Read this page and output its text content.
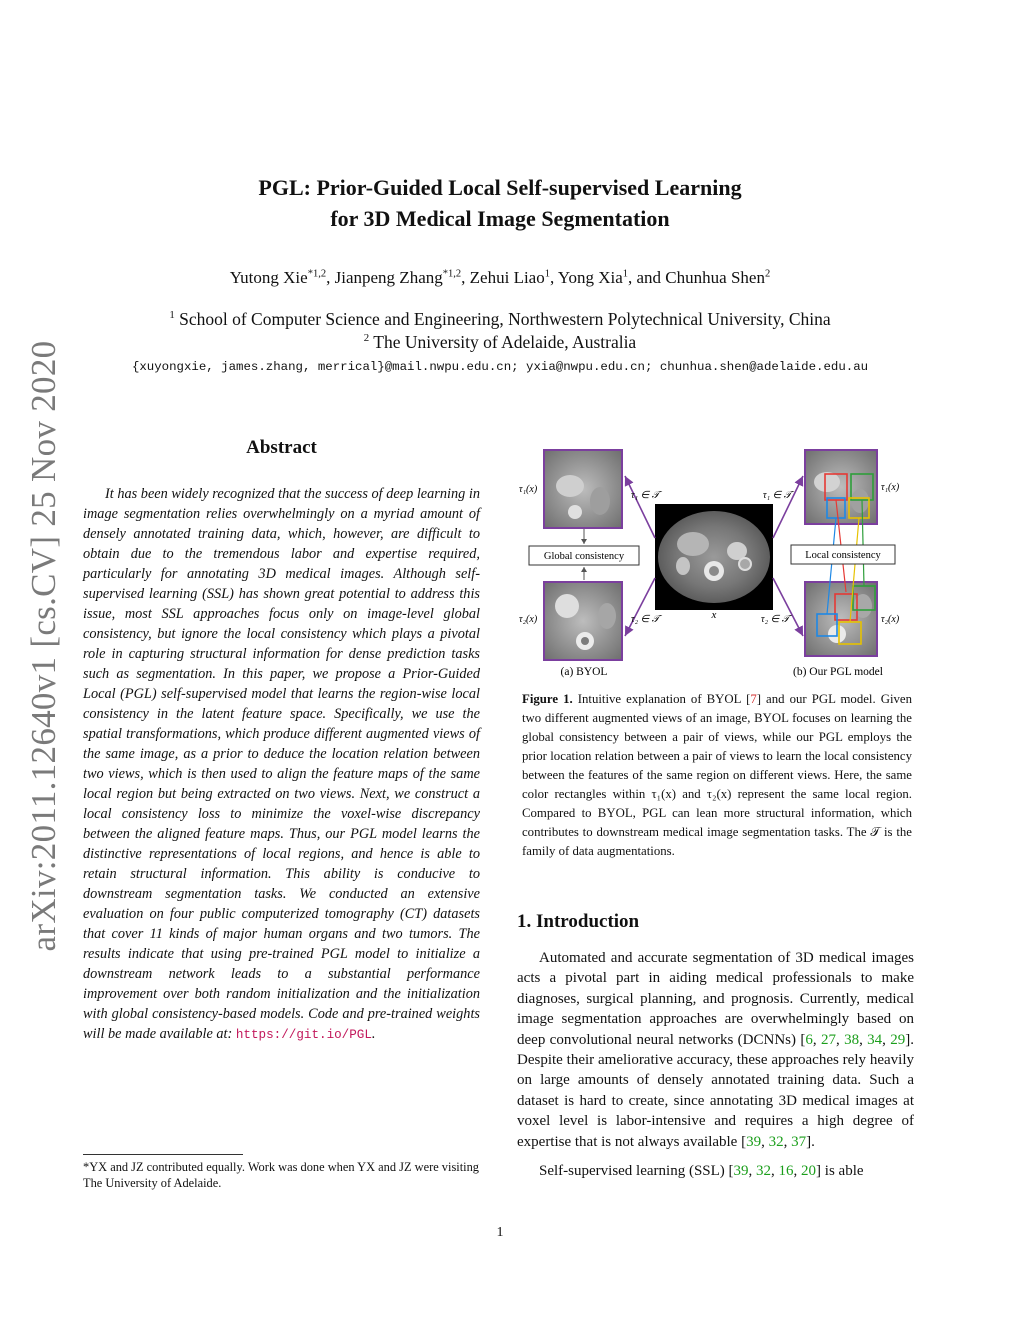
arXiv:2011.12640v1 [cs.CV] 25 Nov 2020
PGL: Prior-Guided Local Self-supervised Learning
for 3D Medical Image Segmentation
Yutong Xie$^{*1,2}$, Jianpeng Zhang$^{*1,2}$, Zehui Liao$^1$, Yong Xia$^1$, and Chunhua Shen$^2$
$^1$ School of Computer Science and Engineering, Northwestern Polytechnical University, China
$^2$ The University of Adelaide, Australia
{xuyongxie, james.zhang, merrical}@mail.nwpu.edu.cn; yxia@nwpu.edu.cn; chunhua.shen@adelaide.edu.au
Abstract
It has been widely recognized that the success of deep learning in image segmentation relies overwhelmingly on a myriad amount of densely annotated training data, which, however, are difficult to obtain due to the tremendous labor and expertise required, particularly for annotating 3D medical images. Although self-supervised learning (SSL) has shown great potential to address this issue, most SSL approaches focus only on image-level global consistency, but ignore the local consistency which plays a pivotal role in capturing structural information for dense prediction tasks such as segmentation. In this paper, we propose a Prior-Guided Local (PGL) self-supervised model that learns the region-wise local consistency in the latent feature space. Specifically, we use the spatial transformations, which produce different augmented views of the same image, as a prior to deduce the location relation between two views, which is then used to align the feature maps of the same local region but being extracted on two views. Next, we construct a local consistency loss to minimize the voxel-wise discrepancy between the aligned feature maps. Thus, our PGL model learns the distinctive representations of local regions, and hence is able to retain structural information. This ability is conducive to downstream segmentation tasks. We conducted an extensive evaluation on four public computerized tomography (CT) datasets that cover 11 kinds of major human organs and two tumors. The results indicate that using pre-trained PGL model to initialize a downstream network leads to a substantial performance improvement over both random initialization and the initialization with global consistency-based models. Code and pre-trained weights will be made available at: https://git.io/PGL.
*YX and JZ contributed equally. Work was done when YX and JZ were visiting The University of Adelaide.
x
τ₁(x)
τ₂(x)
Global consistency
τ₁ ∈ 𝒯
τ₂ ∈ 𝒯
τ₁(x)
τ₂(x)
Local consistency
τ₁ ∈ 𝒯
τ₂ ∈ 𝒯
(a) BYOL	(b) Our PGL model
Figure 1. Intuitive explanation of BYOL [7] and our PGL model. Given two different augmented views of an image, BYOL focuses on learning the global consistency between a pair of views, while our PGL employs the prior location relation between a pair of views to learn the local consistency between the features of the same region on different views. Here, the same color rectangles within τ₁(x) and τ₂(x) represent the same local region. Compared to BYOL, PGL can lean more structural information, which contributes to downstream medical image segmentation tasks. The 𝒯 is the family of data augmentations.
1. Introduction

Automated and accurate segmentation of 3D medical images acts a pivotal part in aiding medical professionals to make diagnoses, surgical planning, and prognosis. Currently, medical image segmentation approaches are overwhelmingly based on deep convolutional neural networks (DCNNs) [6, 27, 38, 34, 29]. Despite their ameliorative accuracy, these approaches rely heavily on large amounts of densely annotated training data. Such a dataset is hard to create, since annotating 3D medical images at voxel level is labor-intensive and requires a high degree of expertise that is not always available [39, 32, 37].

Self-supervised learning (SSL) [39, 32, 16, 20] is able

1
